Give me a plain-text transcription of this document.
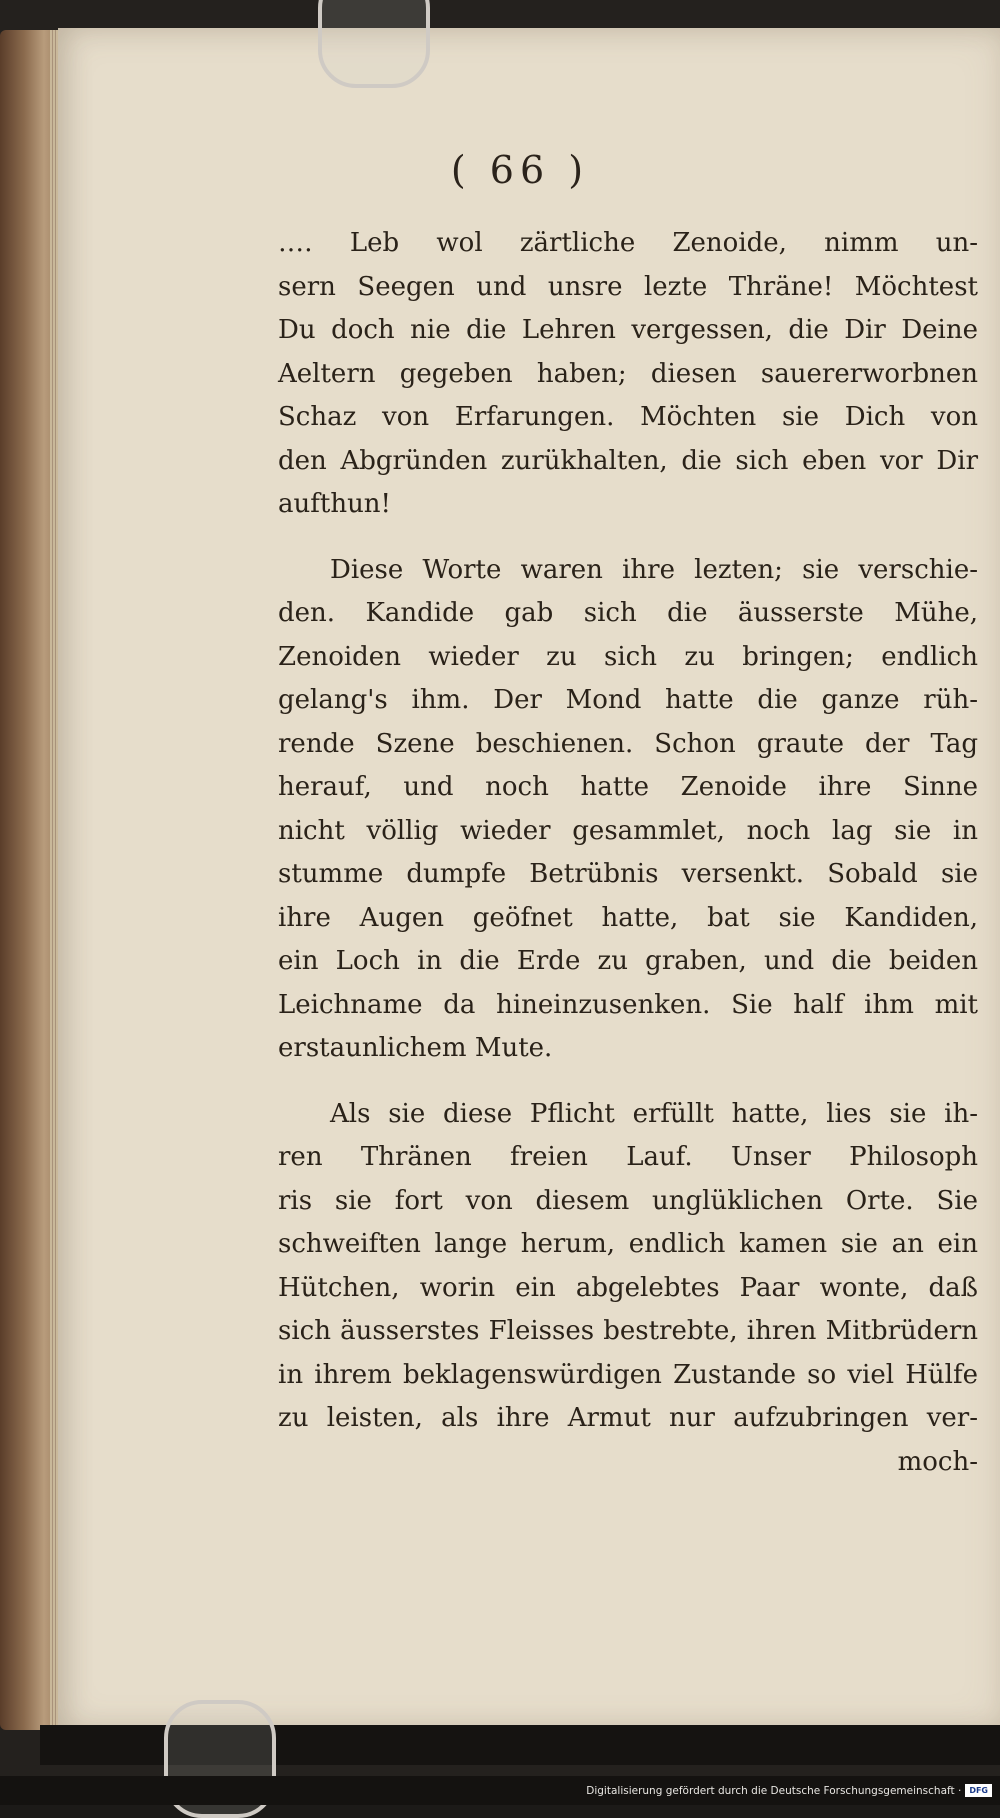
( 66 )
‥‥ Leb wol zärtliche Zenoide, nimm un-
sern Seegen und unsre lezte Thräne! Möchtest
Du doch nie die Lehren vergessen, die Dir Deine
Aeltern gegeben haben; diesen sauererworbnen
Schaz von Erfarungen. Möchten sie Dich von
den Abgründen zurükhalten, die sich eben vor Dir
aufthun!
Diese Worte waren ihre lezten; sie verschie-
den. Kandide gab sich die äusserste Mühe,
Zenoiden wieder zu sich zu bringen; endlich
gelang's ihm. Der Mond hatte die ganze rüh-
rende Szene beschienen. Schon graute der Tag
herauf, und noch hatte Zenoide ihre Sinne
nicht völlig wieder gesammlet, noch lag sie in
stumme dumpfe Betrübnis versenkt. Sobald sie
ihre Augen geöfnet hatte, bat sie Kandiden,
ein Loch in die Erde zu graben, und die beiden
Leichname da hineinzusenken. Sie half ihm mit
erstaunlichem Mute.
Als sie diese Pflicht erfüllt hatte, lies sie ih-
ren Thränen freien Lauf. Unser Philosoph
ris sie fort von diesem unglüklichen Orte. Sie
schweiften lange herum, endlich kamen sie an ein
Hütchen, worin ein abgelebtes Paar wonte, daß
sich äusserstes Fleisses bestrebte, ihren Mitbrüdern
in ihrem beklagenswürdigen Zustande so viel Hülfe
zu leisten, als ihre Armut nur aufzubringen ver-
moch-
Digitalisierung gefördert durch die Deutsche Forschungsgemeinschaft ·	DFG
